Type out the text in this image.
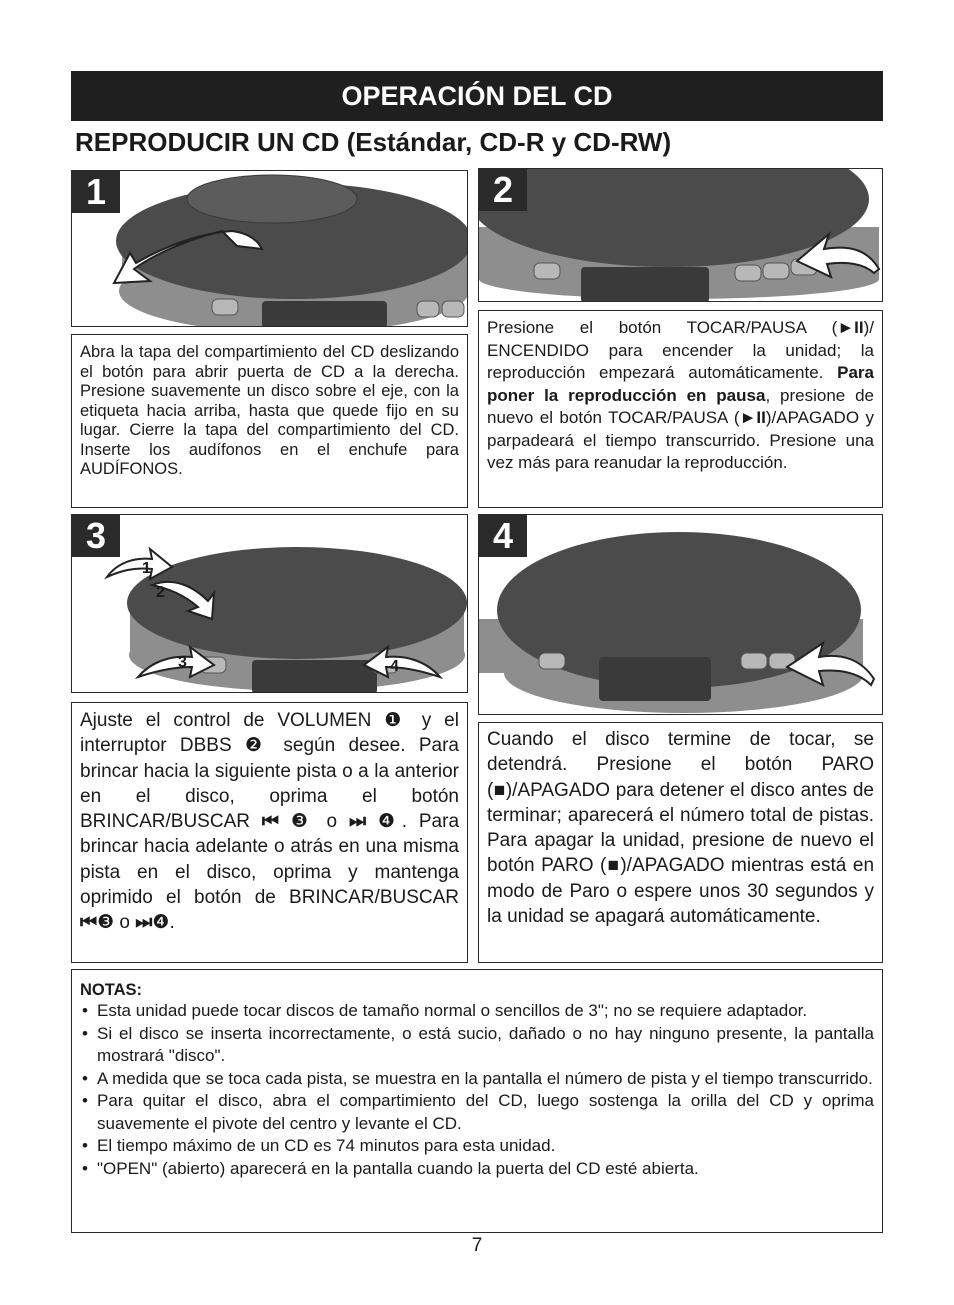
OPERACIÓN DEL CD
REPRODUCIR UN CD (Estándar, CD-R y CD-RW)
1	2

Abra la tapa del compartimiento del CD deslizando el botón para abrir puerta de CD a la derecha. Presione suavemente un disco sobre el eje, con la etiqueta hacia arriba, hasta que quede fijo en su lugar. Cierre la tapa del compartimiento del CD. Inserte los audífonos en el enchufe para AUDÍFONOS.

Presione el botón TOCAR/PAUSA (►II)/ ENCENDIDO para encender la unidad; la reproducción empezará automáticamente. Para poner la reproducción en pausa, presione de nuevo el botón TOCAR/PAUSA (►II)/APAGADO y parpadeará el tiempo transcurrido. Presione una vez más para reanudar la reproducción.

1
2
3	4
3	4

Ajuste el control de VOLUMEN ❶ y el interruptor DBBS ❷ según desee. Para brincar hacia la siguiente pista o a la anterior en el disco, oprima el botón BRINCAR/BUSCAR ⏮ ❸ o ⏭ ❹. Para brincar hacia adelante o atrás en una misma pista en el disco, oprima y mantenga oprimido el botón de BRINCAR/BUSCAR ⏮❸ o ⏭❹.

Cuando el disco termine de tocar, se detendrá. Presione el botón PARO (■)/APAGADO para detener el disco antes de terminar; aparecerá el número total de pistas. Para apagar la unidad, presione de nuevo el botón PARO (■)/APAGADO mientras está en modo de Paro o espere unos 30 segundos y la unidad se apagará automáticamente.

NOTAS:
• Esta unidad puede tocar discos de tamaño normal o sencillos de 3"; no se requiere adaptador.
• Si el disco se inserta incorrectamente, o está sucio, dañado o no hay ninguno presente, la pantalla mostrará "disco".
• A medida que se toca cada pista, se muestra en la pantalla el número de pista y el tiempo transcurrido.
• Para quitar el disco, abra el compartimiento del CD, luego sostenga la orilla del CD y oprima suavemente el pivote del centro y levante el CD.
• El tiempo máximo de un CD es 74 minutos para esta unidad.
• "OPEN" (abierto) aparecerá en la pantalla cuando la puerta del CD esté abierta.
7
